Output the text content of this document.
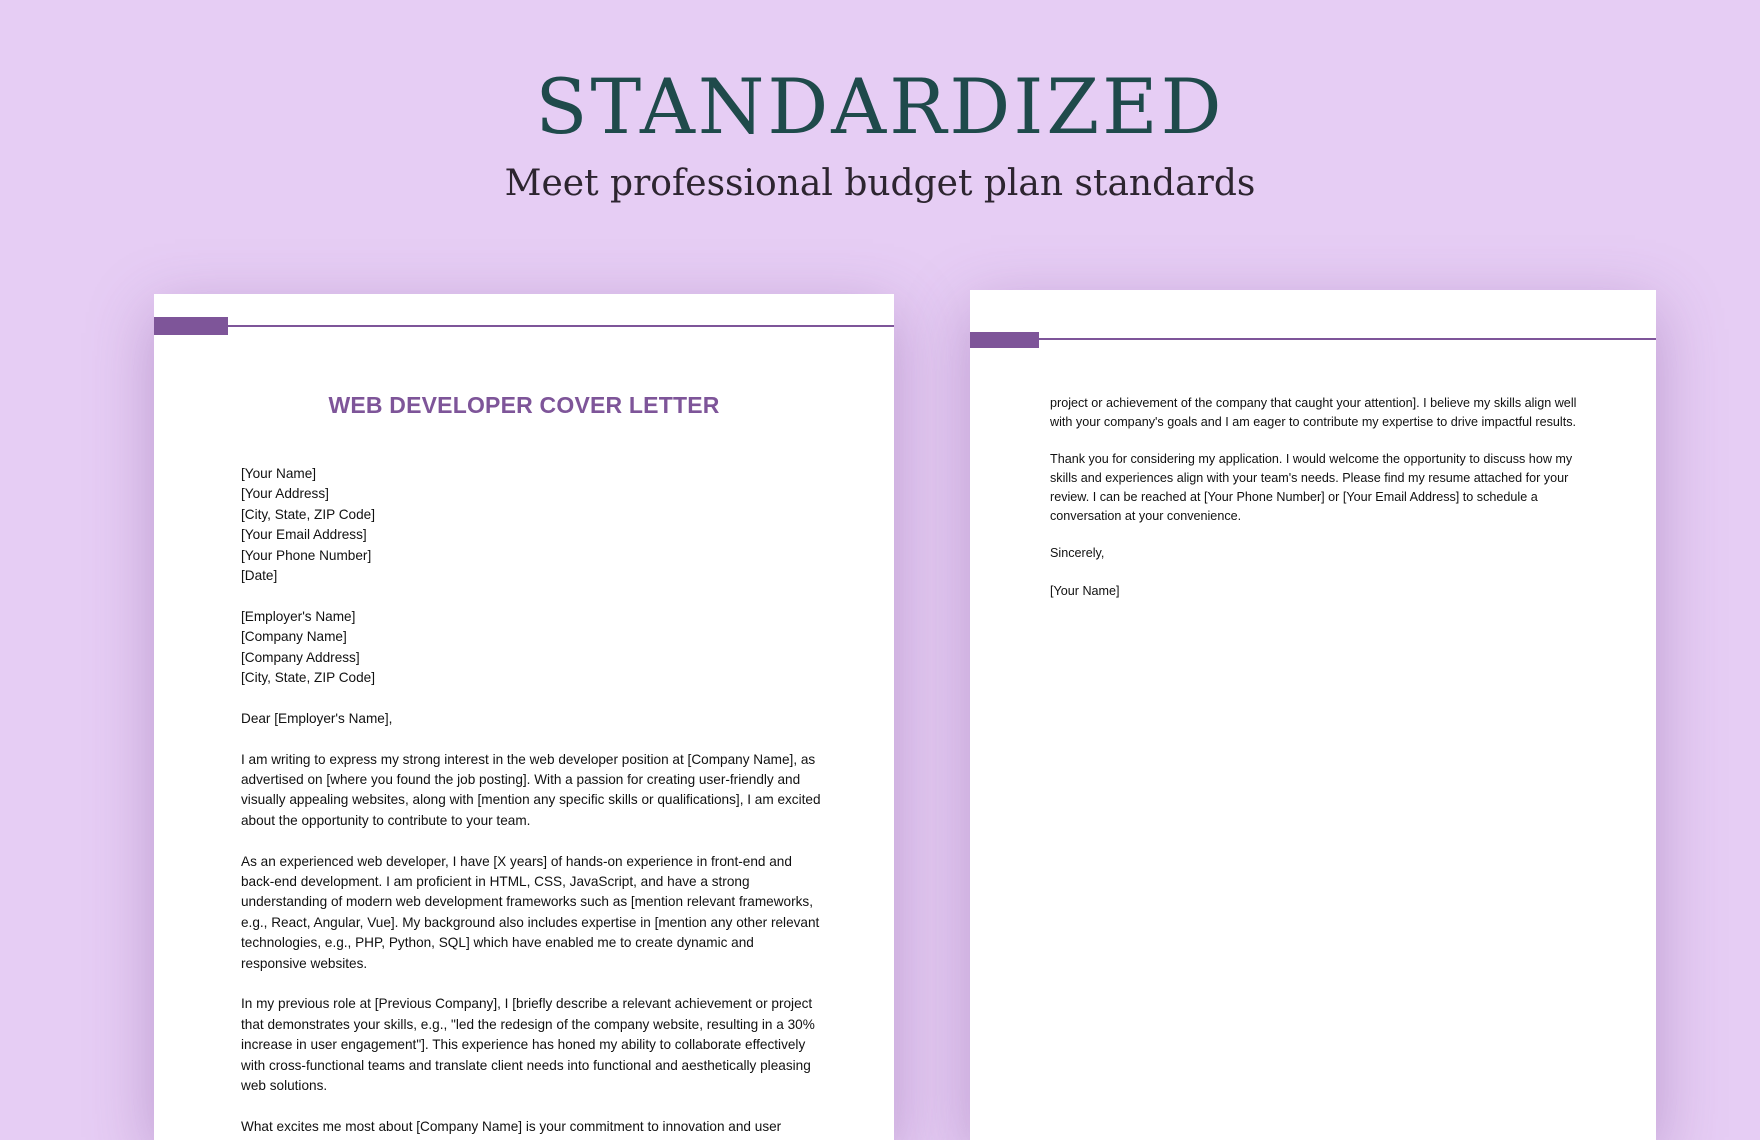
STANDARDIZED
Meet professional budget plan standards
WEB DEVELOPER COVER LETTER

[Your Name]
[Your Address]
[City, State, ZIP Code]
[Your Email Address]
[Your Phone Number]
[Date]

[Employer's Name]
[Company Name]
[Company Address]
[City, State, ZIP Code]

Dear [Employer's Name],

I am writing to express my strong interest in the web developer position at [Company Name], as advertised on [where you found the job posting]. With a passion for creating user-friendly and visually appealing websites, along with [mention any specific skills or qualifications], I am excited about the opportunity to contribute to your team.

As an experienced web developer, I have [X years] of hands-on experience in front-end and back-end development. I am proficient in HTML, CSS, JavaScript, and have a strong understanding of modern web development frameworks such as [mention relevant frameworks, e.g., React, Angular, Vue]. My background also includes expertise in [mention any other relevant technologies, e.g., PHP, Python, SQL] which have enabled me to create dynamic and responsive websites.

In my previous role at [Previous Company], I [briefly describe a relevant achievement or project that demonstrates your skills, e.g., "led the redesign of the company website, resulting in a 30% increase in user engagement"]. This experience has honed my ability to collaborate effectively with cross-functional teams and translate client needs into functional and aesthetically pleasing web solutions.

What excites me most about [Company Name] is your commitment to innovation and user

project or achievement of the company that caught your attention]. I believe my skills align well with your company's goals and I am eager to contribute my expertise to drive impactful results.

Thank you for considering my application. I would welcome the opportunity to discuss how my skills and experiences align with your team's needs. Please find my resume attached for your review. I can be reached at [Your Phone Number] or [Your Email Address] to schedule a conversation at your convenience.

Sincerely,

[Your Name]
